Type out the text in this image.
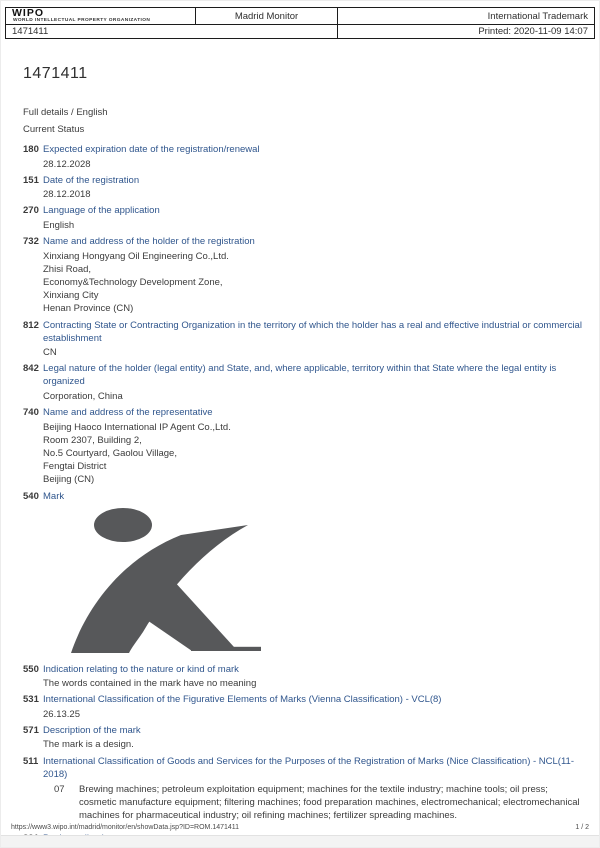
WIPO
WORLD INTELLECTUAL PROPERTY ORGANIZATION	Madrid Monitor	International Trademark
1471411		Printed: 2020-11-09 14:07
1471411
Full details / English
Current Status
180 Expected expiration date of the registration/renewal
28.12.2028
151 Date of the registration
28.12.2018
270 Language of the application
English
732 Name and address of the holder of the registration
Xinxiang Hongyang Oil Engineering Co.,Ltd.
Zhisi Road,
Economy&Technology Development Zone,
Xinxiang City
Henan Province (CN)
812 Contracting State or Contracting Organization in the territory of which the holder has a real and effective industrial or commercial establishment
CN
842 Legal nature of the holder (legal entity) and State, and, where applicable, territory within that State where the legal entity is organized
Corporation, China
740 Name and address of the representative
Beijing Haoco International IP Agent Co.,Ltd.
Room 2307, Building 2,
No.5 Courtyard, Gaolou Village,
Fengtai District
Beijing (CN)
540 Mark
550 Indication relating to the nature or kind of mark
The words contained in the mark have no meaning
531 International Classification of the Figurative Elements of Marks (Vienna Classification) - VCL(8)
26.13.25
571 Description of the mark
The mark is a design.
511 International Classification of Goods and Services for the Purposes of the Registration of Marks (Nice Classification) - NCL(11-2018)
07	Brewing machines; petroleum exploitation equipment; machines for the textile industry; machine tools; oil press; cosmetic manufacture equipment; filtering machines; food preparation machines, electromechanical; electromechanical machines for pharmaceutical industry; oil refining machines; fertilizer spreading machines.
https://www3.wipo.int/madrid/monitor/en/showData.jsp?ID=ROM.1471411	1 / 2
